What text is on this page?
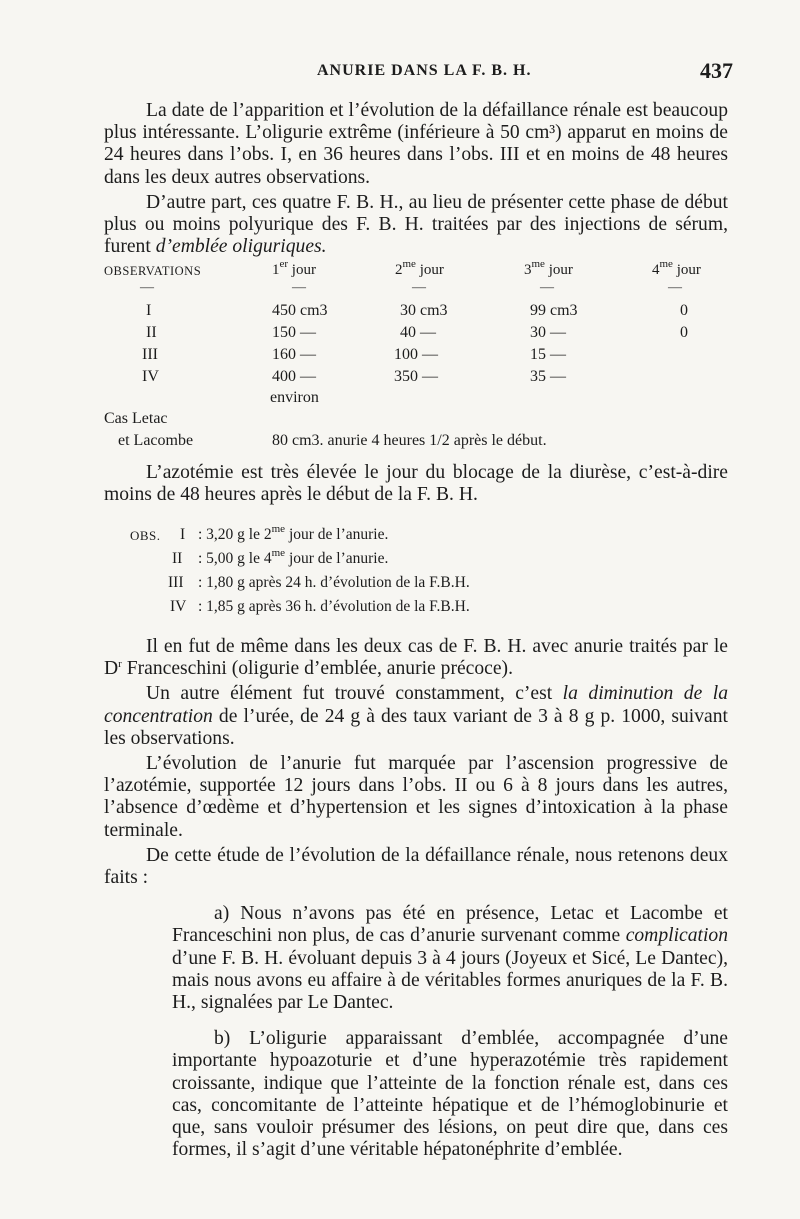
ANURIE DANS LA F. B. H.	437

La date de l’apparition et l’évolution de la défaillance rénale est beaucoup plus intéressante. L’oligurie extrême (inférieure à 50 cm³) apparut en moins de 24 heures dans l’obs. I, en 36 heures dans l’obs. III et en moins de 48 heures dans les deux autres observations.

D’autre part, ces quatre F. B. H., au lieu de présenter cette phase de début plus ou moins polyurique des F. B. H. traitées par des injections de sérum, furent d’emblée oliguriques.

OBSERVATIONS	1er jour	$2^{me}$ jour	$3^{me}$ jour	$4^{me}$ jour
—	—	—	—	—
I	450 cm3	30 cm3	99 cm3	0
II	150 —	40 —	30 —	0
III	160 —	100 —	15 —
IV	400 —	350 —	35 —
environ
Cas Letac
et Lacombe	80 cm3. anurie 4 heures 1/2 après le début.

L’azotémie est très élevée le jour du blocage de la diurèse, c’est-à-dire moins de 48 heures après le début de la F. B. H.

OBS. I : 3,20 g le $2^{me}$ jour de l’anurie.
II : 5,00 g le $4^{me}$ jour de l’anurie.
III : 1,80 g après 24 h. d’évolution de la F.B.H.
IV : 1,85 g après 36 h. d’évolution de la F.B.H.

Il en fut de même dans les deux cas de F. B. H. avec anurie traités par le $D^r$ Franceschini (oligurie d’emblée, anurie précoce).

Un autre élément fut trouvé constamment, c’est la diminution de la concentration de l’urée, de 24 g à des taux variant de 3 à 8 g p. 1000, suivant les observations.

L’évolution de l’anurie fut marquée par l’ascension progressive de l’azotémie, supportée 12 jours dans l’obs. II ou 6 à 8 jours dans les autres, l’absence d’œdème et d’hypertension et les signes d’intoxication à la phase terminale.

De cette étude de l’évolution de la défaillance rénale, nous retenons deux faits :

a) Nous n’avons pas été en présence, Letac et Lacombe et Franceschini non plus, de cas d’anurie survenant comme complication d’une F. B. H. évoluant depuis 3 à 4 jours (Joyeux et Sicé, Le Dantec), mais nous avons eu affaire à de véritables formes anuriques de la F. B. H., signalées par Le Dantec.

b) L’oligurie apparaissant d’emblée, accompagnée d’une importante hypoazoturie et d’une hyperazotémie très rapidement croissante, indique que l’atteinte de la fonction rénale est, dans ces cas, concomitante de l’atteinte hépatique et de l’hémoglobinurie et que, sans vouloir présumer des lésions, on peut dire que, dans ces formes, il s’agit d’une véritable hépatonéphrite d’emblée.
